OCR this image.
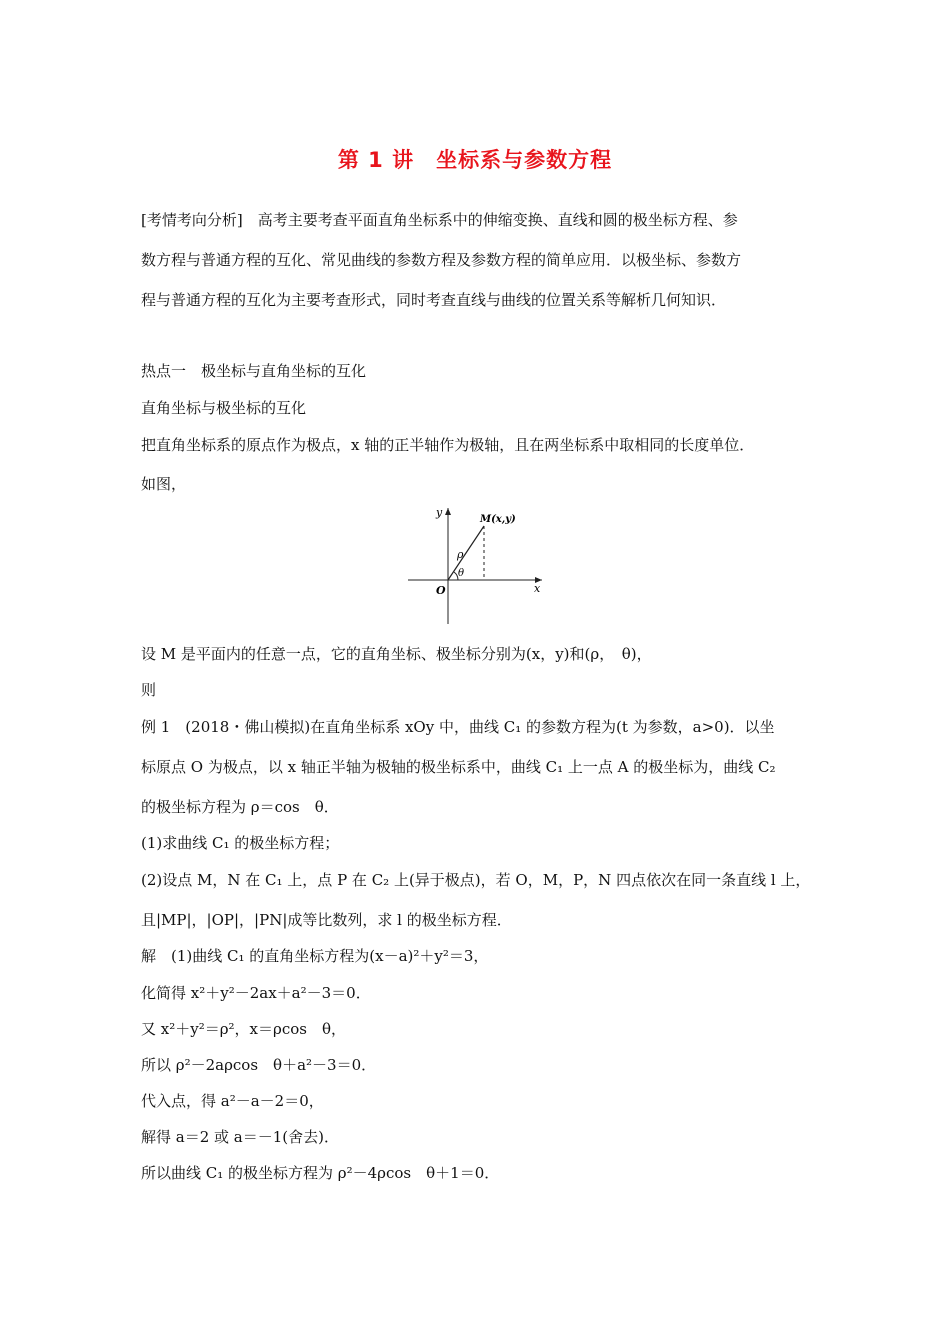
第 1 讲　坐标系与参数方程
[考情考向分析]　高考主要考查平面直角坐标系中的伸缩变换、直线和圆的极坐标方程、参
数方程与普通方程的互化、常见曲线的参数方程及参数方程的简单应用．以极坐标、参数方
程与普通方程的互化为主要考查形式，同时考查直线与曲线的位置关系等解析几何知识．
热点一　极坐标与直角坐标的互化
直角坐标与极坐标的互化
把直角坐标系的原点作为极点，x 轴的正半轴作为极轴，且在两坐标系中取相同的长度单位．
如图，
y
x
O
M(x,y)
ρ
θ
设 M 是平面内的任意一点，它的直角坐标、极坐标分别为(x，y)和(ρ，　θ)，
则
例 1　(2018・佛山模拟)在直角坐标系 xOy 中，曲线 C₁ 的参数方程为(t 为参数，a>0)．以坐
标原点 O 为极点，以 x 轴正半轴为极轴的极坐标系中，曲线 C₁ 上一点 A 的极坐标为，曲线 C₂
的极坐标方程为 ρ＝cos　θ．
(1)求曲线 C₁ 的极坐标方程；
(2)设点 M，N 在 C₁ 上，点 P 在 C₂ 上(异于极点)，若 O，M，P，N 四点依次在同一条直线 l 上，
且|MP|，|OP|，|PN|成等比数列，求 l 的极坐标方程．
解　(1)曲线 C₁ 的直角坐标方程为(x－a)²＋y²＝3，
化简得 x²＋y²－2ax＋a²－3＝0．
又 x²＋y²＝ρ²，x＝ρcos　θ，
所以 ρ²－2aρcos　θ＋a²－3＝0．
代入点，得 a²－a－2＝0，
解得 a＝2 或 a＝－1(舍去)．
所以曲线 C₁ 的极坐标方程为 ρ²－4ρcos　θ＋1＝0．
